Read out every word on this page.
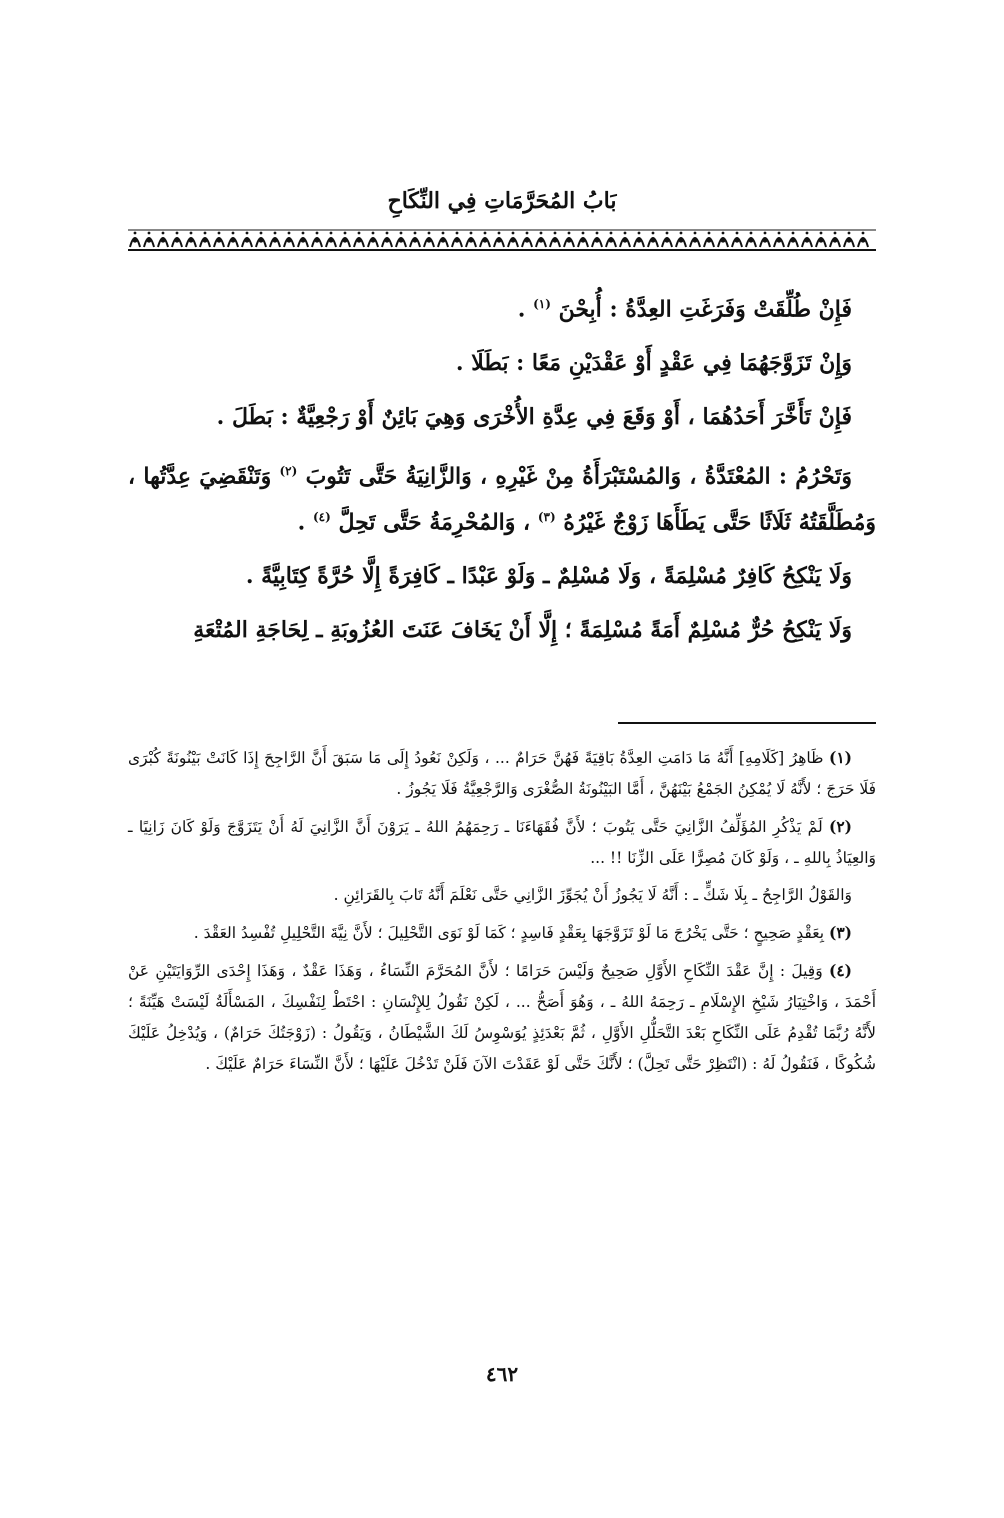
بَابُ المُحَرَّمَاتِ فِي النِّكَاحِ

فَإِنْ طُلِّقَتْ وَفَرَغَتِ العِدَّةُ : أُبِحْنَ $^{(١)}$ .

وَإِنْ تَزَوَّجَهُمَا فِي عَقْدٍ أَوْ عَقْدَيْنِ مَعًا : بَطَلَا .

فَإِنْ تَأَخَّرَ أَحَدُهُمَا ، أَوْ وَقَعَ فِي عِدَّةِ الأُخْرَى وَهِيَ بَائِنٌ أَوْ رَجْعِيَّةٌ : بَطَلَ .

وَتَحْرُمُ : المُعْتَدَّةُ ، وَالمُسْتَبْرَأَةُ مِنْ غَيْرِهِ ، وَالزَّانِيَةُ حَتَّى تَتُوبَ $^{(٢)}$ وَتَنْقَضِيَ عِدَّتُها ، وَمُطَلَّقَتُهُ ثَلَاثًا حَتَّى يَطَأَهَا زَوْجٌ غَيْرُهُ $^{(٣)}$ ، وَالمُحْرِمَةُ حَتَّى تَحِلَّ $^{(٤)}$ .

وَلَا يَنْكِحُ كَافِرٌ مُسْلِمَةً ، وَلَا مُسْلِمٌ ـ وَلَوْ عَبْدًا ـ كَافِرَةً إِلَّا حُرَّةً كِتَابِيَّةً .

وَلَا يَنْكِحُ حُرٌّ مُسْلِمٌ أَمَةً مُسْلِمَةً ؛ إِلَّا أَنْ يَخَافَ عَنَتَ العُزُوبَةِ ـ لِحَاجَةِ المُتْعَةِ

(١) ظَاهِرُ [كَلَامِهِ] أَنَّهُ مَا دَامَتِ العِدَّةُ بَاقِيَةً فَهُنَّ حَرَامٌ ... ، وَلَكِنْ نَعُودُ إِلَى مَا سَبَقَ أَنَّ الرَّاجِحَ إِذَا كَانَتْ بَيْنُونَةً كُبْرَى فَلَا حَرَجَ ؛ لأَنَّهُ لَا يُمْكِنُ الجَمْعُ بَيْنَهُنَّ ، أَمَّا البَيْنُونَةُ الصُّغْرَى وَالرَّجْعِيَّةُ فَلَا يَجُوزُ .

(٢) لَمْ يَذْكُرِ المُؤَلِّفُ الزَّانِيَ حَتَّى يَتُوبَ ؛ لأَنَّ فُقَهَاءَنَا ـ رَحِمَهُمُ اللهُ ـ يَرَوْنَ أَنَّ الزَّانِيَ لَهُ أَنْ يَتَزَوَّجَ وَلَوْ كَانَ زَانِيًا ـ وَالعِيَاذُ بِاللهِ ـ ، وَلَوْ كَانَ مُصِرًّا عَلَى الزِّنَا !! ...

وَالقَوْلُ الرَّاجِحُ ـ بِلَا شَكٍّ ـ : أَنَّهُ لَا يَجُوزُ أَنْ يُجَوِّزَ الزَّانِي حَتَّى نَعْلَمَ أَنَّهُ تَابَ بِالقَرَائِنِ .

(٣) بِعَقْدٍ صَحِيحٍ ؛ حَتَّى يَخْرُجَ مَا لَوْ تَزَوَّجَهَا بِعَقْدٍ فَاسِدٍ ؛ كَمَا لَوْ نَوَى التَّحْلِيلَ ؛ لأَنَّ نِيَّةَ التَّحْلِيلِ تُفْسِدُ العَقْدَ .

(٤) وَقِيلَ : إِنَّ عَقْدَ النِّكَاحِ الأَوَّلِ صَحِيحٌ وَلَيْسَ حَرَامًا ؛ لأَنَّ المُحَرَّمَ النِّسَاءُ ، وَهَذَا عَقْدٌ ، وَهَذَا إِحْدَى الرِّوَايَتَيْنِ عَنْ أَحْمَدَ ، وَاخْتِيَارُ شَيْخِ الإِسْلَامِ ـ رَحِمَهُ اللهُ ـ ، وَهُوَ أَصَحُّ ... ، لَكِنْ نَقُولُ لِلإِنْسَانِ : احْتَطْ لِنَفْسِكَ ، المَسْأَلَةُ لَيْسَتْ هَيِّنَةً ؛ لأَنَّهُ رُبَّمَا تُقْدِمُ عَلَى النِّكَاحِ بَعْدَ التَّحَلُّلِ الأَوَّلِ ، ثُمَّ بَعْدَئِذٍ يُوَسْوِسُ لَكَ الشَّيْطَانُ ، وَيَقُولُ : (زَوْجَتُكَ حَرَامٌ) ، وَيُدْخِلُ عَلَيْكَ شُكُوكًا ، فَنَقُولُ لَهُ : (انْتَظِرْ حَتَّى تَحِلَّ) ؛ لأَنَّكَ حَتَّى لَوْ عَقَدْتَ الآنَ فَلَنْ تَدْخُلَ عَلَيْهَا ؛ لأَنَّ النِّسَاءَ حَرَامٌ عَلَيْكَ .

٤٦٢
